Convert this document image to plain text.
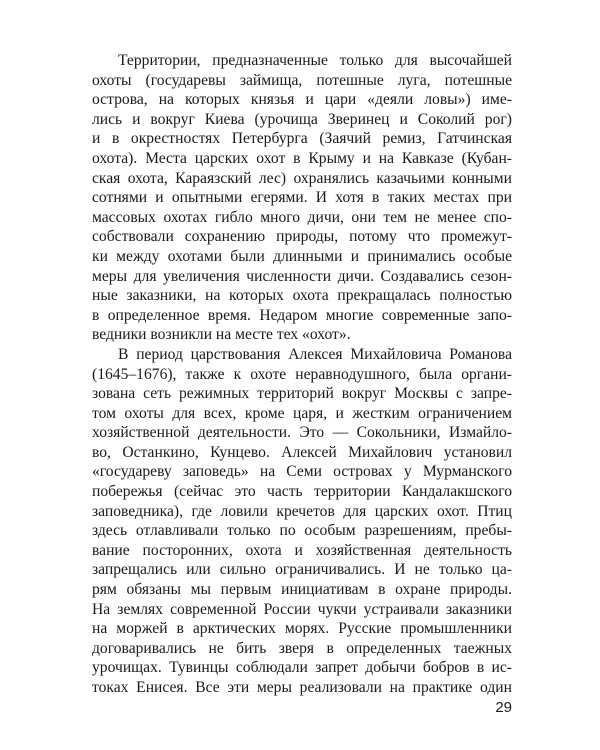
Территории, предназначенные только для высочайшей
охоты (государевы займища, потешные луга, потешные
острова, на которых князья и цари «деяли ловы») име-
лись и вокруг Киева (урочища Зверинец и Соколий рог)
и в окрестностях Петербурга (Заячий ремиз, Гатчинская
охота). Места царских охот в Крыму и на Кавказе (Кубан-
ская охота, Караязский лес) охранялись казачьими конными
сотнями и опытными егерями. И хотя в таких местах при
массовых охотах гибло много дичи, они тем не менее спо-
собствовали сохранению природы, потому что промежут-
ки между охотами были длинными и принимались особые
меры для увеличения численности дичи. Создавались сезон-
ные заказники, на которых охота прекращалась полностью
в определенное время. Недаром многие современные запо-
ведники возникли на месте тех «охот».
В период царствования Алексея Михайловича Романова
(1645–1676), также к охоте неравнодушного, была органи-
зована сеть режимных территорий вокруг Москвы с запре-
том охоты для всех, кроме царя, и жестким ограничением
хозяйственной деятельности. Это — Сокольники, Измайло-
во, Останкино, Кунцево. Алексей Михайлович установил
«государеву заповедь» на Семи островах у Мурманского
побережья (сейчас это часть территории Кандалакшского
заповедника), где ловили кречетов для царских охот. Птиц
здесь отлавливали только по особым разрешениям, пребы-
вание посторонних, охота и хозяйственная деятельность
запрещались или сильно ограничивались. И не только ца-
рям обязаны мы первым инициативам в охране природы.
На землях современной России чукчи устраивали заказники
на моржей в арктических морях. Русские промышленники
договаривались не бить зверя в определенных таежных
урочищах. Тувинцы соблюдали запрет добычи бобров в ис-
токах Енисея. Все эти меры реализовали на практике один
29
